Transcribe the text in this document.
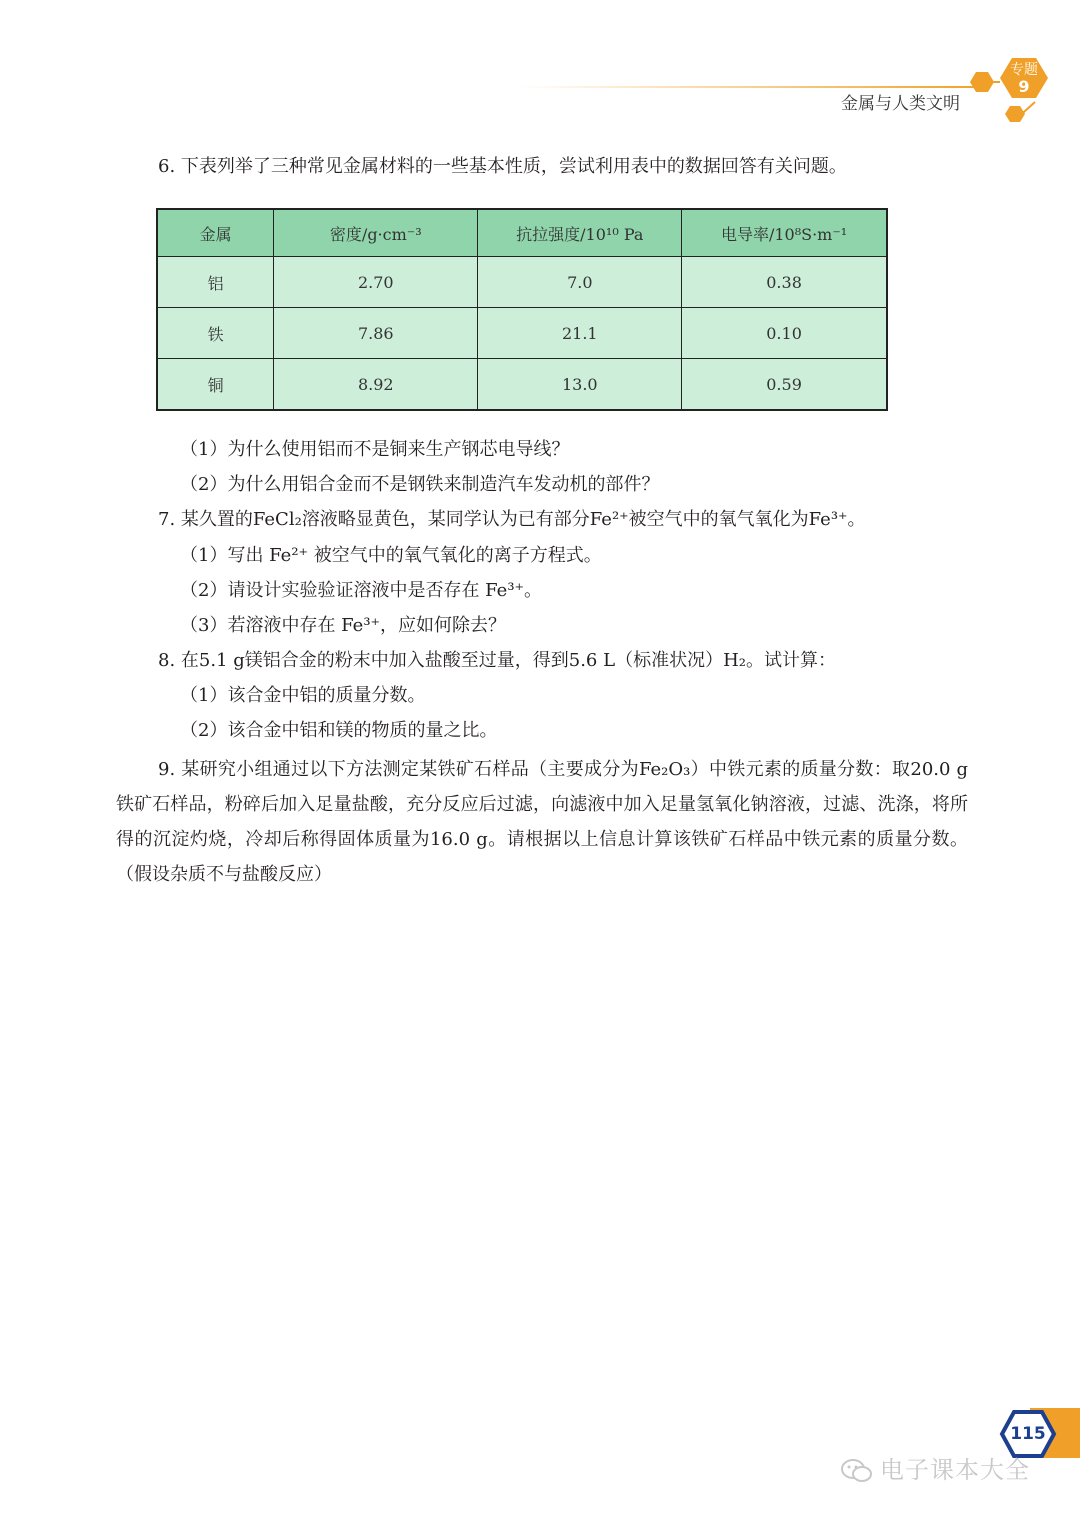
专题
9
金属与人类文明
6. 下表列举了三种常见金属材料的一些基本性质，尝试利用表中的数据回答有关问题。
金属	密度/g·cm⁻³	抗拉强度/10¹⁰ Pa	电导率/10⁸S·m⁻¹
铝	2.70	7.0	0.38
铁	7.86	21.1	0.10
铜	8.92	13.0	0.59
（1）为什么使用铝而不是铜来生产钢芯电导线？
（2）为什么用铝合金而不是钢铁来制造汽车发动机的部件？
7. 某久置的FeCl₂溶液略显黄色，某同学认为已有部分Fe²⁺被空气中的氧气氧化为Fe³⁺。
（1）写出 Fe²⁺ 被空气中的氧气氧化的离子方程式。
（2）请设计实验验证溶液中是否存在 Fe³⁺。
（3）若溶液中存在 Fe³⁺，应如何除去？
8. 在5.1 g镁铝合金的粉末中加入盐酸至过量，得到5.6 L（标准状况）H₂。试计算：
（1）该合金中铝的质量分数。
（2）该合金中铝和镁的物质的量之比。
9. 某研究小组通过以下方法测定某铁矿石样品（主要成分为Fe₂O₃）中铁元素的质量分数：取20.0 g铁矿石样品，粉碎后加入足量盐酸，充分反应后过滤，向滤液中加入足量氢氧化钠溶液，过滤、洗涤，将所得的沉淀灼烧，冷却后称得固体质量为16.0 g。请根据以上信息计算该铁矿石样品中铁元素的质量分数。（假设杂质不与盐酸反应）
115
电子课本大全
